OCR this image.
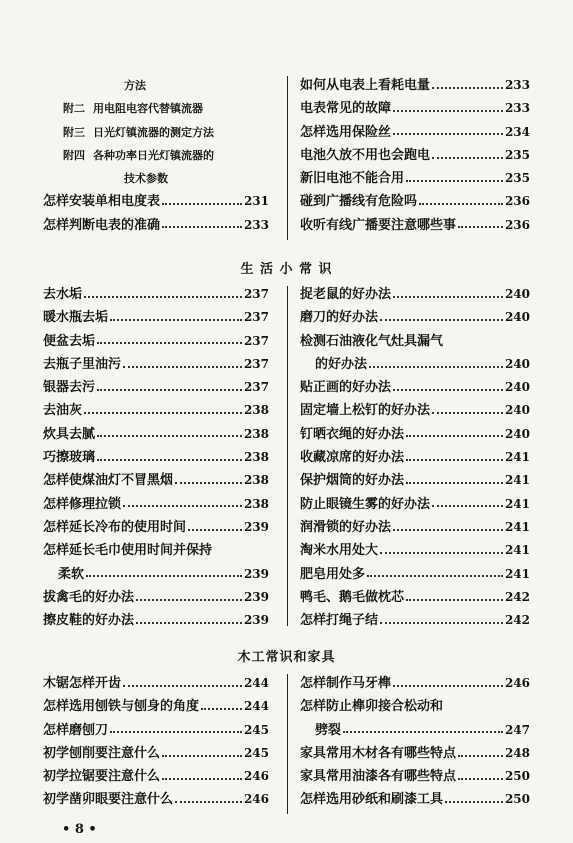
方法
附二 用电阻电容代替镇流器
附三 日光灯镇流器的测定方法
附四 各种功率日光灯镇流器的
技术参数
怎样安装单相电度表	231
怎样判断电表的准确	233
如何从电表上看耗电量	233
电表常见的故障	233
怎样选用保险丝	234
电池久放不用也会跑电	235
新旧电池不能合用	235
碰到广播线有危险吗	236
收听有线广播要注意哪些事	236
生 活 小 常 识
去水垢	237
暖水瓶去垢	237
便盆去垢	237
去瓶子里油污	237
银器去污	237
去油灰	238
炊具去腻	238
巧擦玻璃	238
怎样使煤油灯不冒黑烟	238
怎样修理拉锁	238
怎样延长冷布的使用时间	239
怎样延长毛巾使用时间并保持
柔软	239
拔禽毛的好办法	239
擦皮鞋的好办法	239
捉老鼠的好办法	240
磨刀的好办法	240
检测石油液化气灶具漏气
的好办法	240
贴正画的好办法	240
固定墙上松钉的好办法	240
钉晒衣绳的好办法	240
收藏凉席的好办法	241
保护烟筒的好办法	241
防止眼镜生雾的好办法	241
润滑锁的好办法	241
淘米水用处大	241
肥皂用处多	241
鸭毛、鹅毛做枕芯	242
怎样打绳子结	242
木工常识和家具
木锯怎样开齿	244
怎样选用刨铁与刨身的角度	244
怎样磨刨刀	245
初学刨削要注意什么	245
初学拉锯要注意什么	246
初学凿卯眼要注意什么	246
怎样制作马牙榫	246
怎样防止榫卯接合松动和
劈裂	247
家具常用木材各有哪些特点	248
家具常用油漆各有哪些特点	250
怎样选用砂纸和刷漆工具	250
• 8 •
